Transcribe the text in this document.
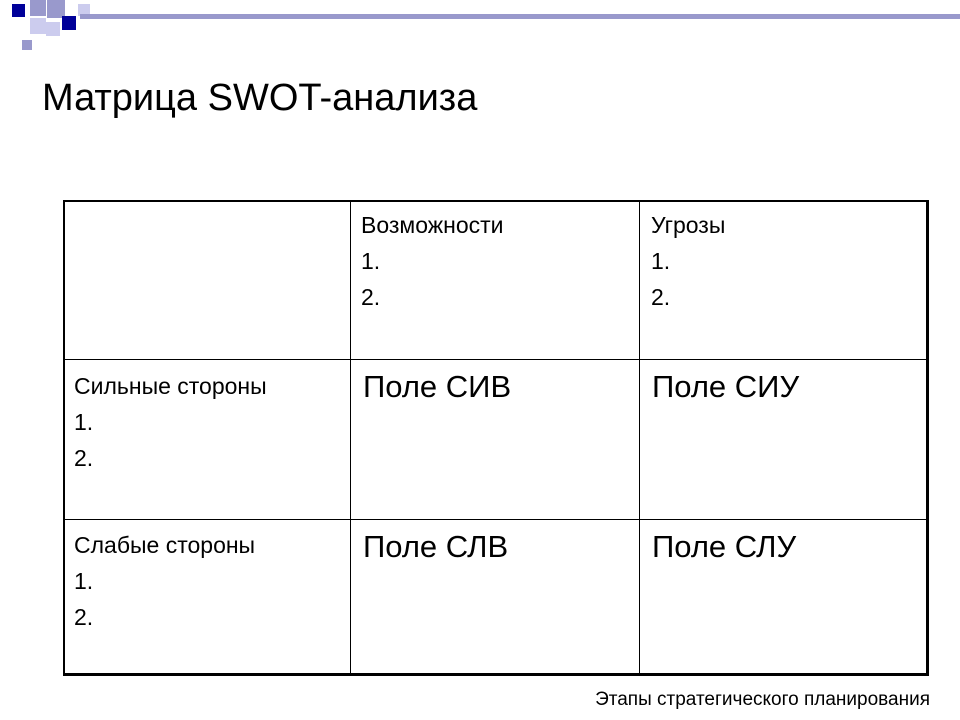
Матрица SWOT-анализа
Возможности
1.
2.
Угрозы
1.
2.
Сильные стороны
1.
2.
Поле СИВ	Поле СИУ
Слабые стороны
1.
2.
Поле СЛВ	Поле СЛУ
Этапы стратегического планирования
